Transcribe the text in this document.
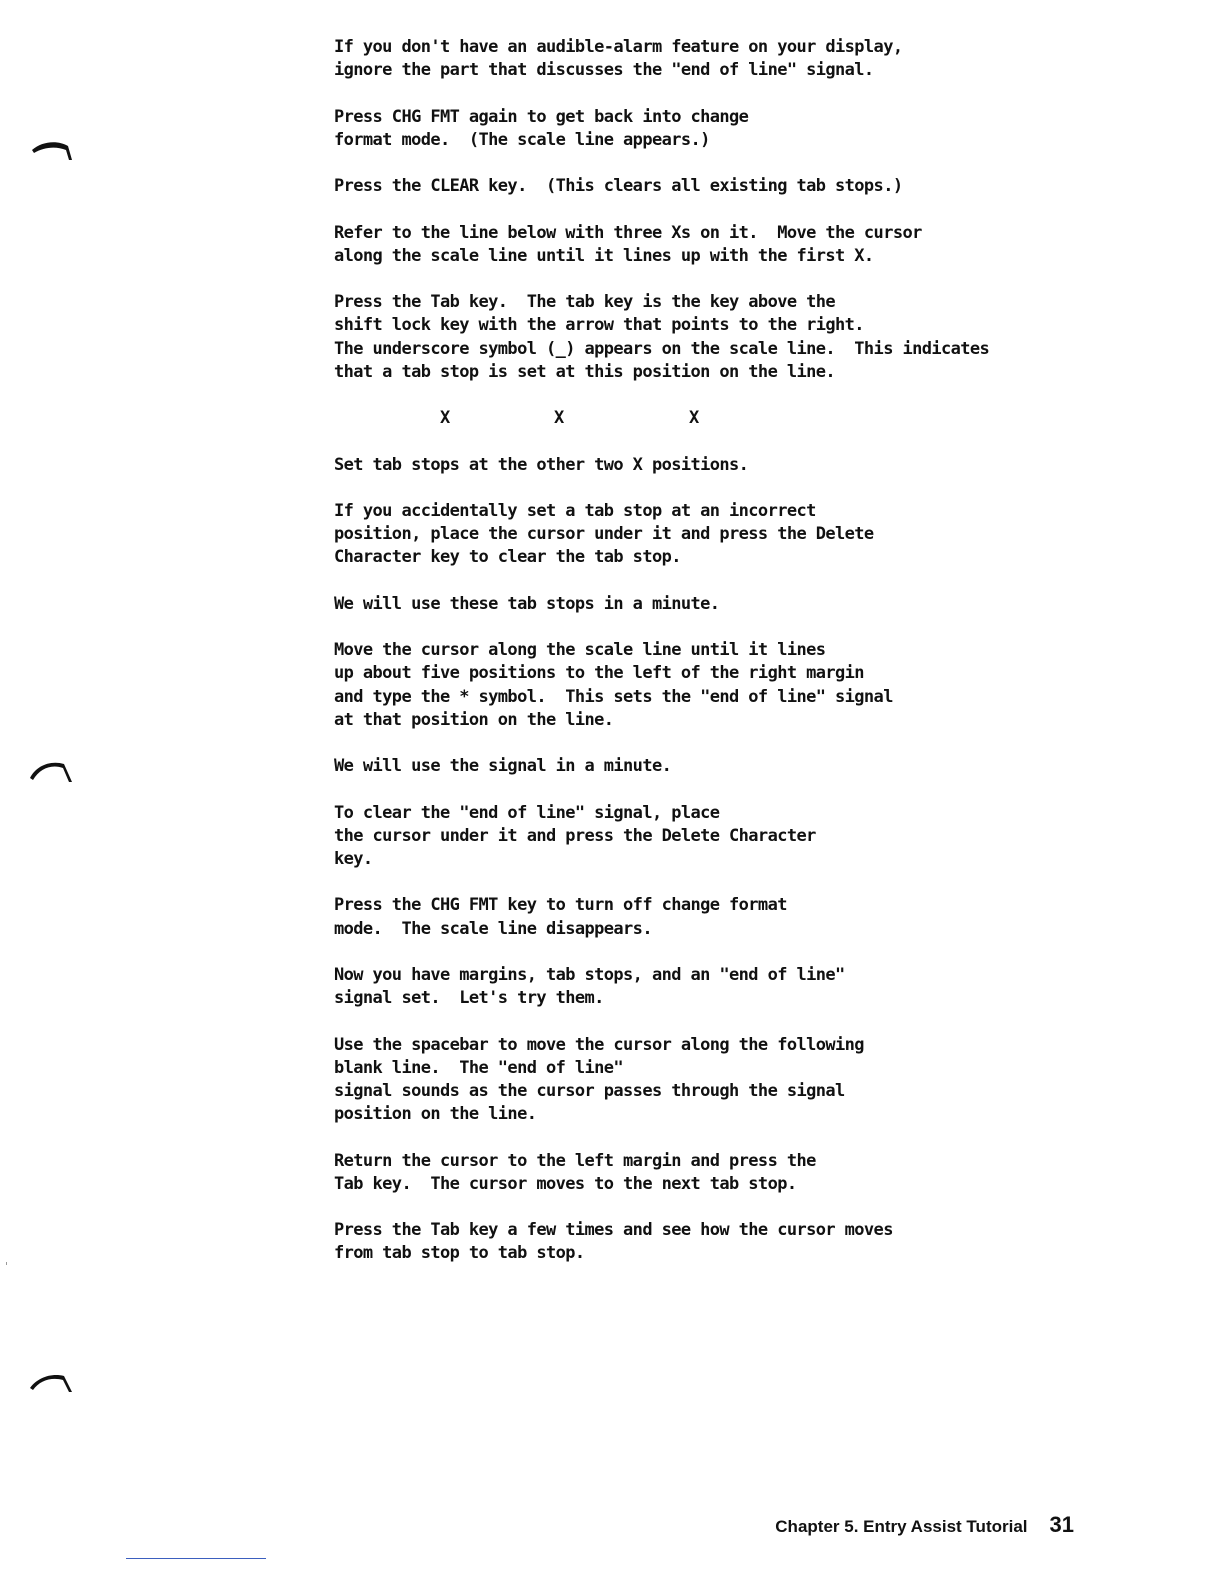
If you don't have an audible-alarm feature on your display,
ignore the part that discusses the "end of line" signal.

Press CHG FMT again to get back into change
format mode.  (The scale line appears.)

Press the CLEAR key.  (This clears all existing tab stops.)

Refer to the line below with three Xs on it.  Move the cursor
along the scale line until it lines up with the first X.

Press the Tab key.  The tab key is the key above the
shift lock key with the arrow that points to the right.
The underscore symbol (_) appears on the scale line.  This indicates
that a tab stop is set at this position on the line.

X	X	X

Set tab stops at the other two X positions.

If you accidentally set a tab stop at an incorrect
position, place the cursor under it and press the Delete
Character key to clear the tab stop.

We will use these tab stops in a minute.

Move the cursor along the scale line until it lines
up about five positions to the left of the right margin
and type the * symbol.  This sets the "end of line" signal
at that position on the line.

We will use the signal in a minute.

To clear the "end of line" signal, place
the cursor under it and press the Delete Character
key.

Press the CHG FMT key to turn off change format
mode.  The scale line disappears.

Now you have margins, tab stops, and an "end of line"
signal set.  Let's try them.

Use the spacebar to move the cursor along the following
blank line.  The "end of line"
signal sounds as the cursor passes through the signal
position on the line.

Return the cursor to the left margin and press the
Tab key.  The cursor moves to the next tab stop.

Press the Tab key a few times and see how the cursor moves
from tab stop to tab stop.

Chapter 5. Entry Assist Tutorial 31
